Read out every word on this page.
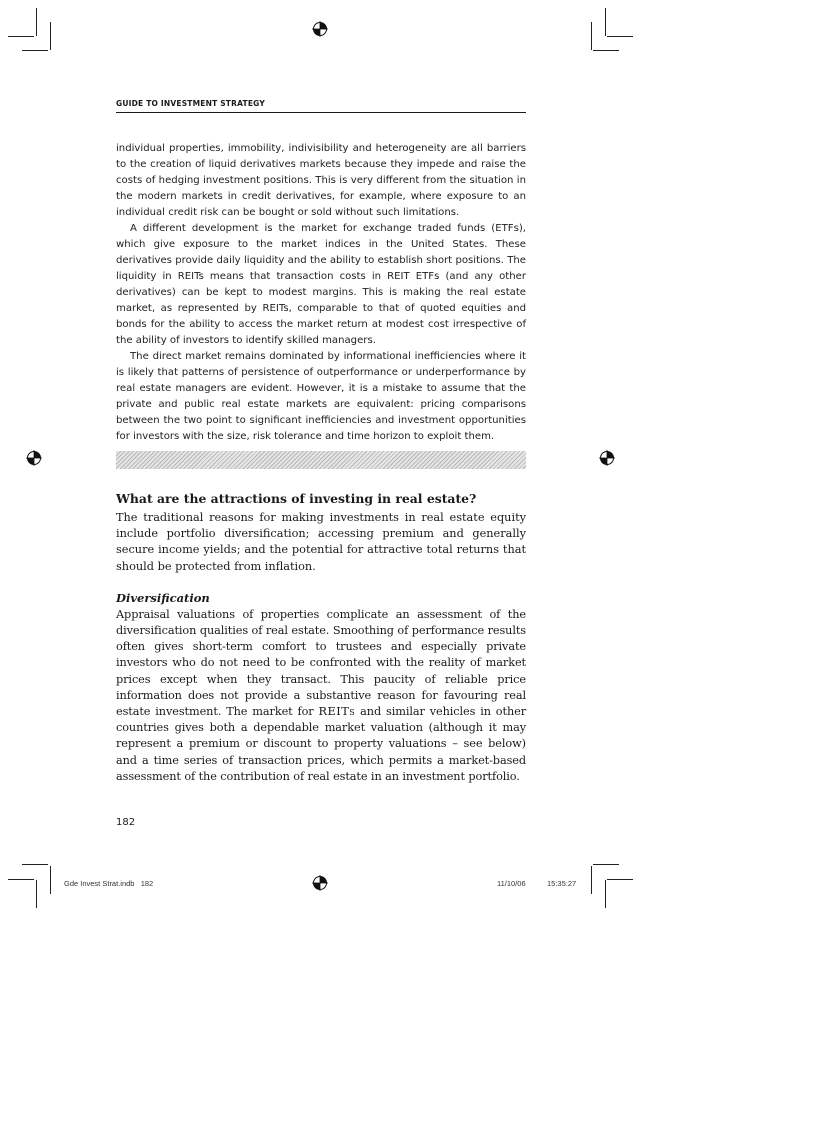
GUIDE TO INVESTMENT STRATEGY

individual properties, immobility, indivisibility and heterogeneity are all barriers to the creation of liquid derivatives markets because they impede and raise the costs of hedging investment positions. This is very different from the situation in the modern markets in credit derivatives, for example, where exposure to an individual credit risk can be bought or sold without such limitations.

A different development is the market for exchange traded funds (ETFs), which give exposure to the market indices in the United States. These derivatives provide daily liquidity and the ability to establish short positions. The liquidity in REITs means that transaction costs in REIT ETFs (and any other derivatives) can be kept to modest margins. This is making the real estate market, as represented by REITs, comparable to that of quoted equities and bonds for the ability to access the market return at modest cost irrespective of the ability of investors to identify skilled managers.

The direct market remains dominated by informational inefficiencies where it is likely that patterns of persistence of outperformance or underperformance by real estate managers are evident. However, it is a mistake to assume that the private and public real estate markets are equivalent: pricing comparisons between the two point to significant inefficiencies and investment opportunities for investors with the size, risk tolerance and time horizon to exploit them.

What are the attractions of investing in real estate?

The traditional reasons for making investments in real estate equity include portfolio diversification; accessing premium and generally secure income yields; and the potential for attractive total returns that should be protected from inflation.

Diversification

Appraisal valuations of properties complicate an assessment of the diversification qualities of real estate. Smoothing of performance results often gives short-term comfort to trustees and especially private investors who do not need to be confronted with the reality of market prices except when they transact. This paucity of reliable price information does not provide a substantive reason for favouring real estate investment. The market for REITs and similar vehicles in other countries gives both a dependable market valuation (although it may represent a premium or discount to property valuations – see below) and a time series of transaction prices, which permits a market-based assessment of the contribution of real estate in an investment portfolio.

182
Gde Invest Strat.indb   182	11/10/06	15:35:27
